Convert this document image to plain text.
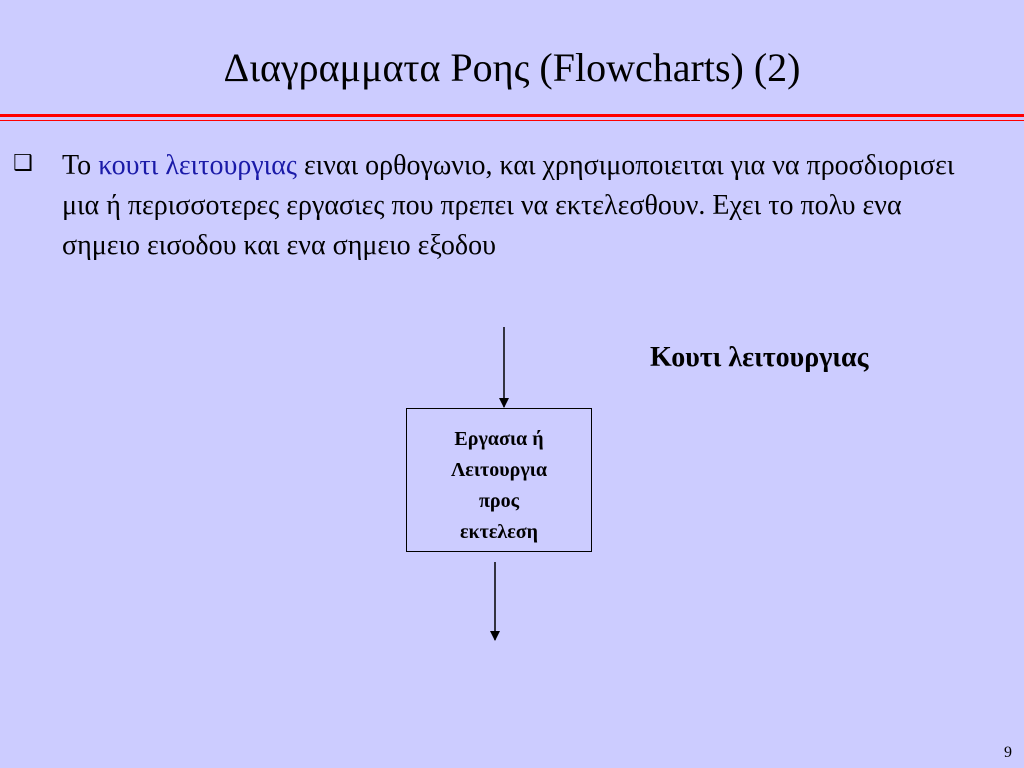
Διαγραμματα Ροης (Flowcharts) (2)
❑ Το κουτι λειτουργιας ειναι ορθογωνιο, και χρησιμοποιειται για να προσδιορισει μια ή περισσοτερες εργασιες που πρεπει να εκτελεσθουν. Εχει το πολυ ενα σημειο εισοδου και ενα σημειο εξοδου
Κουτι λειτουργιας
Εργασια ή
Λειτουργια
προς
εκτελεση
9
